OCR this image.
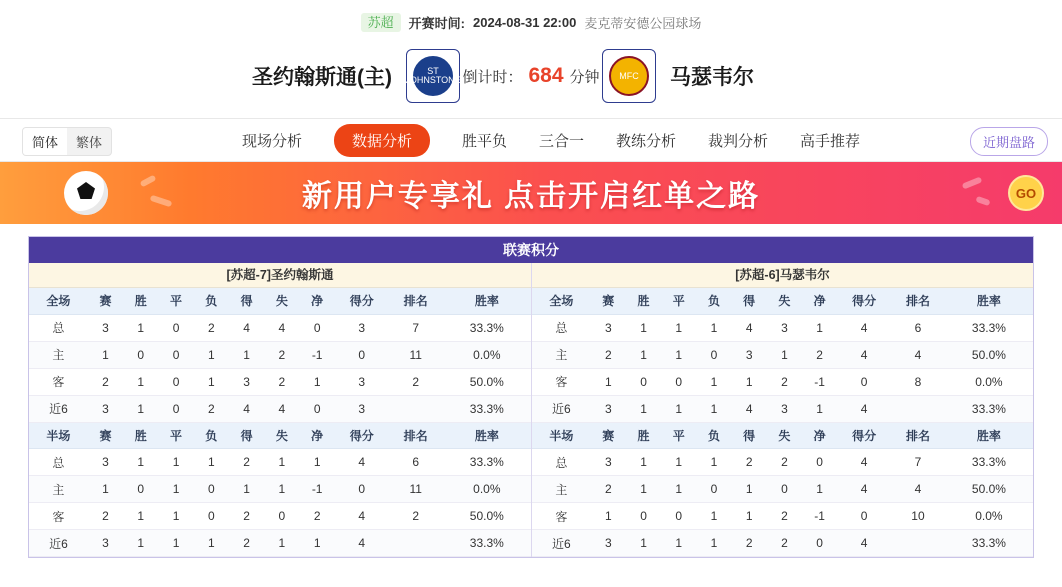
苏超	开赛时间: 2024-08-31 22:00 麦克蒂安德公园球场
圣约翰斯通(主)	ST JOHNSTONE 倒计时： 684 分钟	MFC	马瑟韦尔
简体	繁体	现场分析	数据分析	胜平负 三合一 教练分析 裁判分析 高手推荐	近期盘路
新用户专享礼 点击开启红单之路	GO
联赛积分
[苏超-7]圣约翰斯通
全场	赛	胜	平	负	得	失	净	得分	排名	胜率
总	3	1	0	2	4	4	0	3	7	33.3%
主	1	0	0	1	1	2	-1	0	11	0.0%
客	2	1	0	1	3	2	1	3	2	50.0%
近6	3	1	0	2	4	4	0	3		33.3%
半场	赛	胜	平	负	得	失	净	得分	排名	胜率
总	3	1	1	1	2	1	1	4	6	33.3%
主	1	0	1	0	1	1	-1	0	11	0.0%
客	2	1	1	0	2	0	2	4	2	50.0%
近6	3	1	1	1	2	1	1	4		33.3%
[苏超-6]马瑟韦尔
全场	赛	胜	平	负	得	失	净	得分	排名	胜率
总	3	1	1	1	4	3	1	4	6	33.3%
主	2	1	1	0	3	1	2	4	4	50.0%
客	1	0	0	1	1	2	-1	0	8	0.0%
近6	3	1	1	1	4	3	1	4		33.3%
半场	赛	胜	平	负	得	失	净	得分	排名	胜率
总	3	1	1	1	2	2	0	4	7	33.3%
主	2	1	1	0	1	0	1	4	4	50.0%
客	1	0	0	1	1	2	-1	0	10	0.0%
近6	3	1	1	1	2	2	0	4		33.3%
